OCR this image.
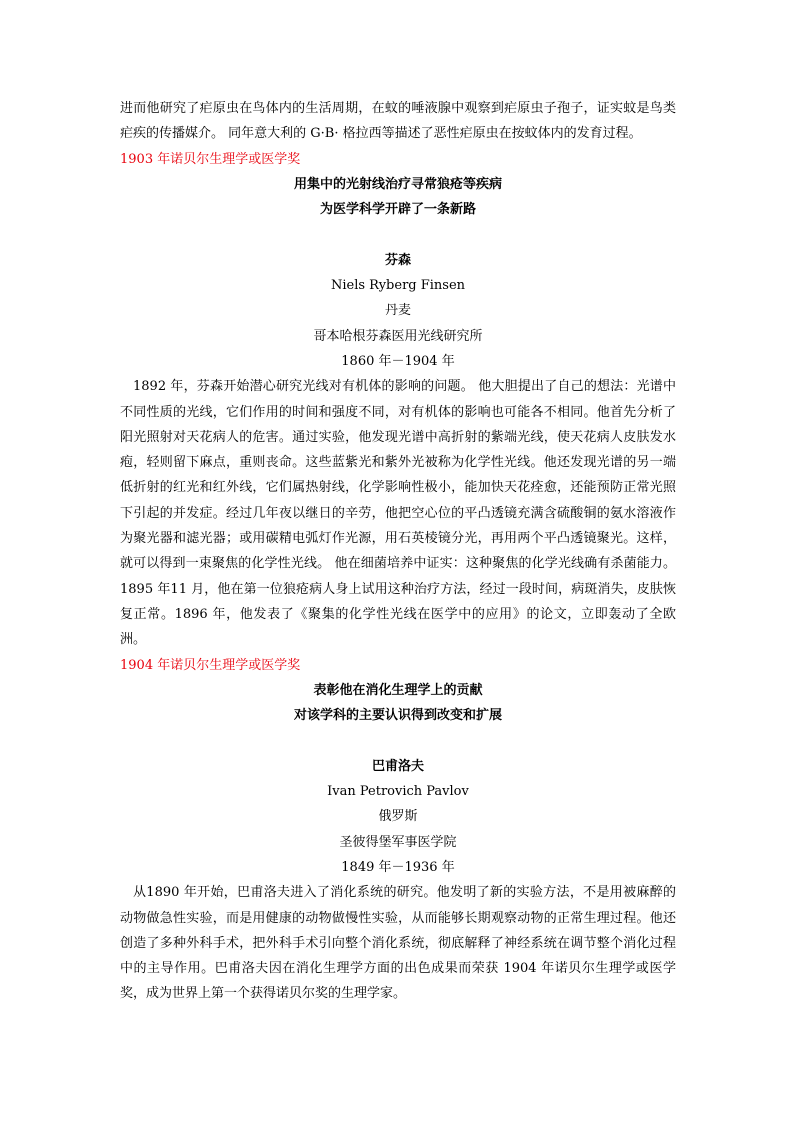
进而他研究了疟原虫在鸟体内的生活周期，在蚊的唾液腺中观察到疟原虫子孢子，证实蚊是鸟类疟疾的传播媒介。 同年意大利的 G·B· 格拉西等描述了恶性疟原虫在按蚊体内的发育过程。

1903 年诺贝尔生理学或医学奖

用集中的光射线治疗寻常狼疮等疾病

为医学科学开辟了一条新路

芬森

Niels Ryberg Finsen

丹麦

哥本哈根芬森医用光线研究所

1860 年－1904 年

1892 年，芬森开始潜心研究光线对有机体的影响的问题。 他大胆提出了自己的想法：光谱中不同性质的光线，它们作用的时间和强度不同，对有机体的影响也可能各不相同。他首先分析了阳光照射对天花病人的危害。通过实验，他发现光谱中高折射的紫端光线，使天花病人皮肤发水疱，轻则留下麻点，重则丧命。这些蓝紫光和紫外光被称为化学性光线。他还发现光谱的另一端低折射的红光和红外线，它们属热射线，化学影响性极小，能加快天花痊愈，还能预防正常光照下引起的并发症。经过几年夜以继日的辛劳，他把空心位的平凸透镜充满含硫酸铜的氨水溶液作为聚光器和滤光器；或用碳精电弧灯作光源，用石英棱镜分光，再用两个平凸透镜聚光。这样，就可以得到一束聚焦的化学性光线。 他在细菌培养中证实：这种聚焦的化学光线确有杀菌能力。 1895 年11 月，他在第一位狼疮病人身上试用这种治疗方法，经过一段时间，病斑消失，皮肤恢复正常。1896 年，他发表了《聚集的化学性光线在医学中的应用》的论文，立即轰动了全欧洲。

1904 年诺贝尔生理学或医学奖

表彰他在消化生理学上的贡献

对该学科的主要认识得到改变和扩展

巴甫洛夫

Ivan Petrovich Pavlov

俄罗斯

圣彼得堡军事医学院

1849 年－1936 年

从1890 年开始，巴甫洛夫进入了消化系统的研究。他发明了新的实验方法，不是用被麻醉的动物做急性实验，而是用健康的动物做慢性实验，从而能够长期观察动物的正常生理过程。他还创造了多种外科手术，把外科手术引向整个消化系统，彻底解释了神经系统在调节整个消化过程中的主导作用。巴甫洛夫因在消化生理学方面的出色成果而荣获 1904 年诺贝尔生理学或医学奖，成为世界上第一个获得诺贝尔奖的生理学家。
